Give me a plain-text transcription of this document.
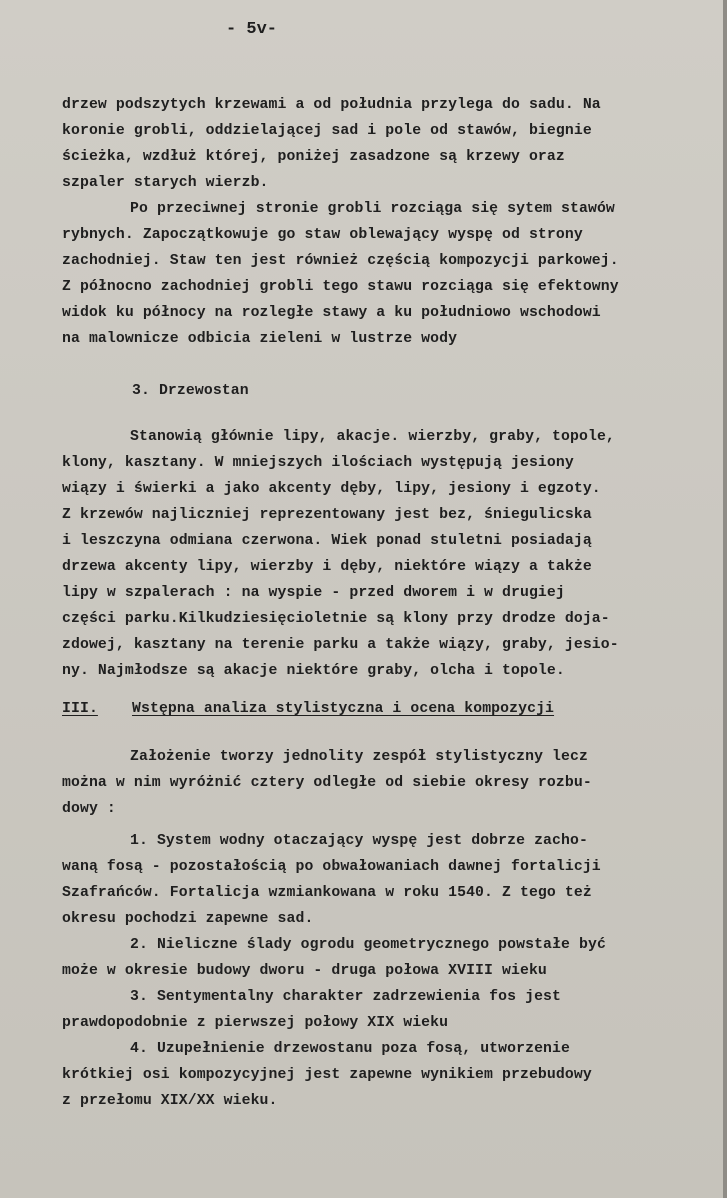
- 5v-
drzew podszytych krzewami a od południa przylega do sadu. Na
koronie grobli, oddzielającej sad i pole od stawów, biegnie
ścieżka, wzdłuż której, poniżej zasadzone są krzewy oraz
szpaler starych wierzb.
Po przeciwnej stronie grobli rozciąga się sytem stawów
rybnych. Zapoczątkowuje go staw oblewający wyspę od strony
zachodniej. Staw ten jest również częścią kompozycji parkowej.
Z północno zachodniej grobli tego stawu rozciąga się efektowny
widok ku północy na rozległe stawy a ku południowo wschodowi
na malownicze odbicia zieleni w lustrze wody
3. Drzewostan
Stanowią głównie lipy, akacje. wierzby, graby, topole,
klony, kasztany. W mniejszych ilościach występują jesiony
wiązy i świerki a jako akcenty dęby, lipy, jesiony i egzoty.
Z krzewów najliczniej reprezentowany jest bez, śniegulicska
i leszczyna odmiana czerwona. Wiek ponad stuletni posiadają
drzewa akcenty lipy, wierzby i dęby, niektóre wiązy a także
lipy w szpalerach : na wyspie - przed dworem i w drugiej
części parku.Kilkudziesięcioletnie są klony przy drodze doja-
zdowej, kasztany na terenie parku a także wiązy, graby, jesio-
ny. Najmłodsze są akacje niektóre graby, olcha i topole.
III. Wstępna analiza stylistyczna i ocena kompozycji
Założenie tworzy jednolity zespół stylistyczny lecz
można w nim wyróżnić cztery odległe od siebie okresy rozbu-
dowy :
1. System wodny otaczający wyspę jest dobrze zacho-
waną fosą - pozostałością po obwałowaniach dawnej fortalicji
Szafrańców. Fortalicja wzmiankowana w roku 1540. Z tego też
okresu pochodzi zapewne sad.
2. Nieliczne ślady ogrodu geometrycznego powstałe być
może w okresie budowy dworu - druga połowa XVIII wieku
3. Sentymentalny charakter zadrzewienia fos jest
prawdopodobnie z pierwszej połowy XIX wieku
4. Uzupełnienie drzewostanu poza fosą, utworzenie
krótkiej osi kompozycyjnej jest zapewne wynikiem przebudowy
z przełomu XIX/XX wieku.
